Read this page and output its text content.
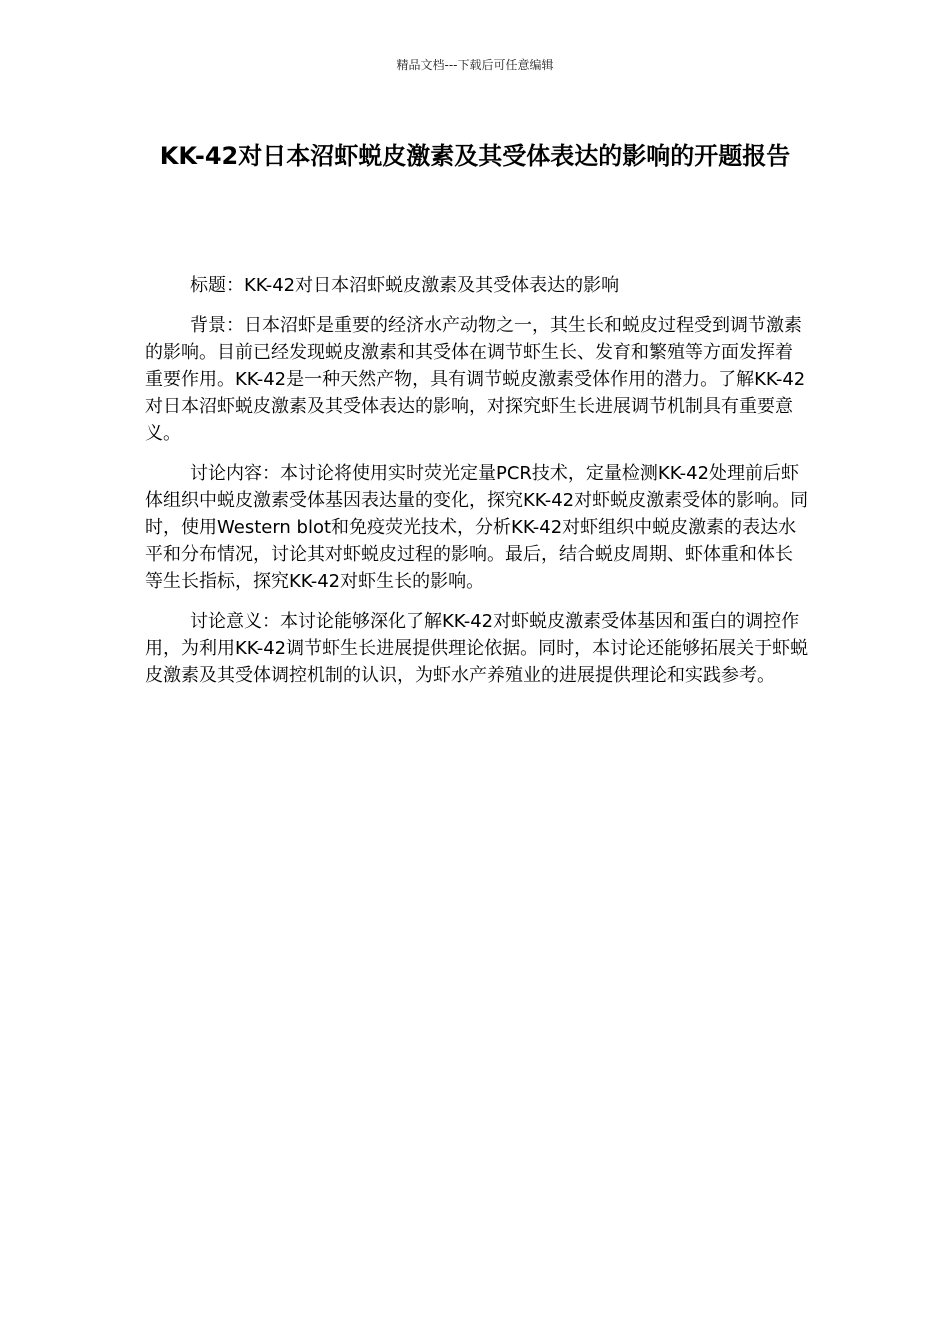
精品文档---下载后可任意编辑
KK-42对日本沼虾蜕皮激素及其受体表达的影响的开题报告

标题：KK-42对日本沼虾蜕皮激素及其受体表达的影响

背景：日本沼虾是重要的经济水产动物之一，其生长和蜕皮过程受到调节激素的影响。目前已经发现蜕皮激素和其受体在调节虾生长、发育和繁殖等方面发挥着重要作用。KK-42是一种天然产物，具有调节蜕皮激素受体作用的潜力。了解KK-42对日本沼虾蜕皮激素及其受体表达的影响，对探究虾生长进展调节机制具有重要意义。

讨论内容：本讨论将使用实时荧光定量PCR技术，定量检测KK-42处理前后虾体组织中蜕皮激素受体基因表达量的变化，探究KK-42对虾蜕皮激素受体的影响。同时，使用Western blot和免疫荧光技术，分析KK-42对虾组织中蜕皮激素的表达水平和分布情况，讨论其对虾蜕皮过程的影响。最后，结合蜕皮周期、虾体重和体长等生长指标，探究KK-42对虾生长的影响。

讨论意义：本讨论能够深化了解KK-42对虾蜕皮激素受体基因和蛋白的调控作用，为利用KK-42调节虾生长进展提供理论依据。同时，本讨论还能够拓展关于虾蜕皮激素及其受体调控机制的认识，为虾水产养殖业的进展提供理论和实践参考。
